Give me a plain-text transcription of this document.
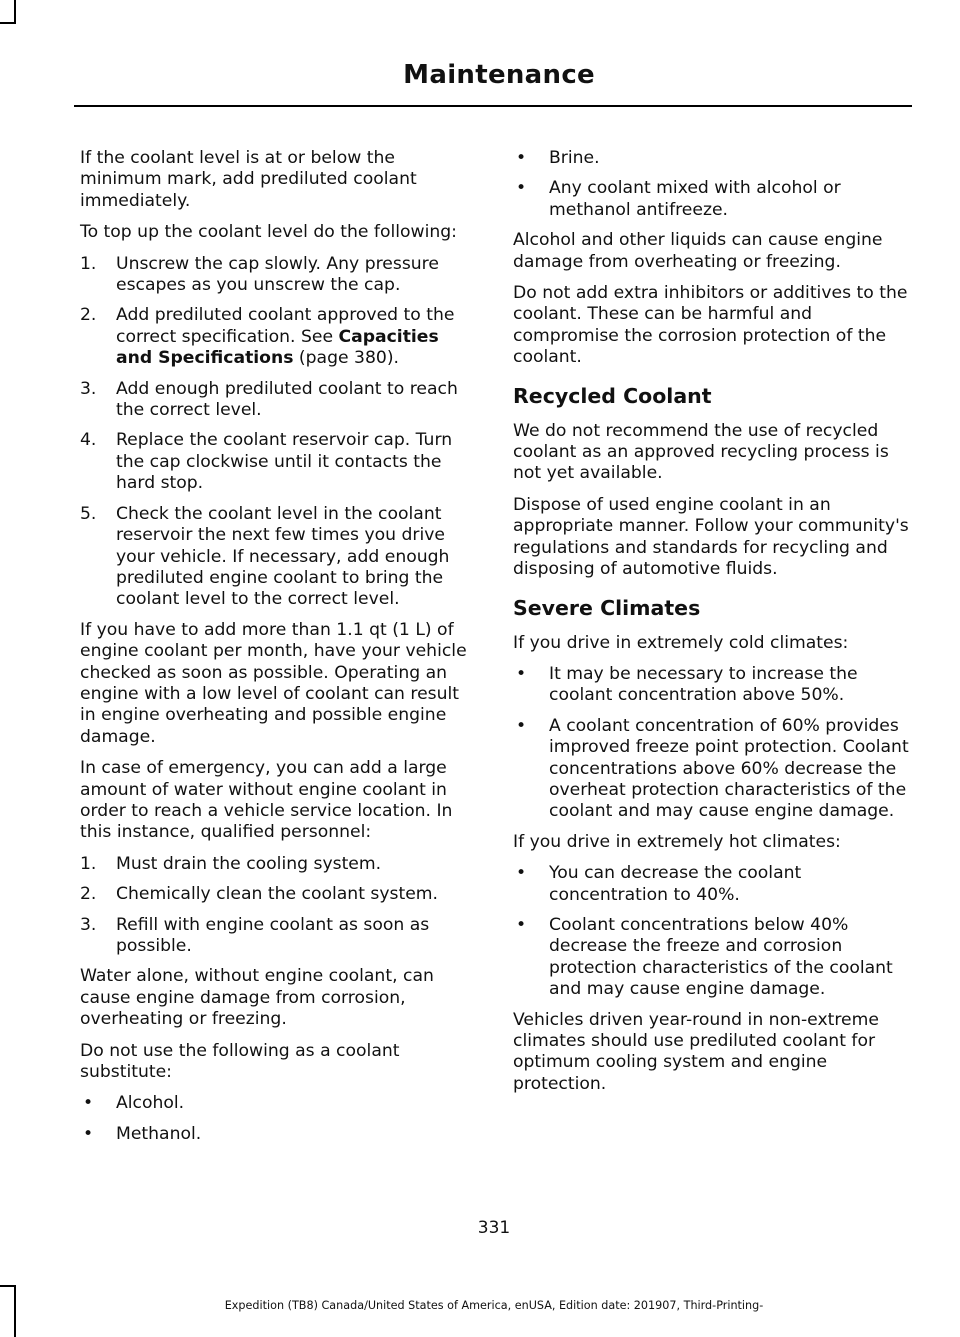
Maintenance

If the coolant level is at or below the minimum mark, add prediluted coolant immediately.

To top up the coolant level do the following:

1. Unscrew the cap slowly. Any pressure escapes as you unscrew the cap.
2. Add prediluted coolant approved to the correct specification. See Capacities and Specifications (page 380).
3. Add enough prediluted coolant to reach the correct level.
4. Replace the coolant reservoir cap. Turn the cap clockwise until it contacts the hard stop.
5. Check the coolant level in the coolant reservoir the next few times you drive your vehicle. If necessary, add enough prediluted engine coolant to bring the coolant level to the correct level.

If you have to add more than 1.1 qt (1 L) of engine coolant per month, have your vehicle checked as soon as possible. Operating an engine with a low level of coolant can result in engine overheating and possible engine damage.

In case of emergency, you can add a large amount of water without engine coolant in order to reach a vehicle service location. In this instance, qualified personnel:

1. Must drain the cooling system.
2. Chemically clean the coolant system.
3. Refill with engine coolant as soon as possible.

Water alone, without engine coolant, can cause engine damage from corrosion, overheating or freezing.

Do not use the following as a coolant substitute:

• Alcohol.
• Methanol.
• Brine.
• Any coolant mixed with alcohol or methanol antifreeze.

Alcohol and other liquids can cause engine damage from overheating or freezing.

Do not add extra inhibitors or additives to the coolant. These can be harmful and compromise the corrosion protection of the coolant.

Recycled Coolant

We do not recommend the use of recycled coolant as an approved recycling process is not yet available.

Dispose of used engine coolant in an appropriate manner. Follow your community's regulations and standards for recycling and disposing of automotive fluids.

Severe Climates

If you drive in extremely cold climates:

• It may be necessary to increase the coolant concentration above 50%.
• A coolant concentration of 60% provides improved freeze point protection. Coolant concentrations above 60% decrease the overheat protection characteristics of the coolant and may cause engine damage.

If you drive in extremely hot climates:

• You can decrease the coolant concentration to 40%.
• Coolant concentrations below 40% decrease the freeze and corrosion protection characteristics of the coolant and may cause engine damage.

Vehicles driven year-round in non-extreme climates should use prediluted coolant for optimum cooling system and engine protection.

331
Expedition (TB8) Canada/United States of America, enUSA, Edition date: 201907, Third-Printing-
